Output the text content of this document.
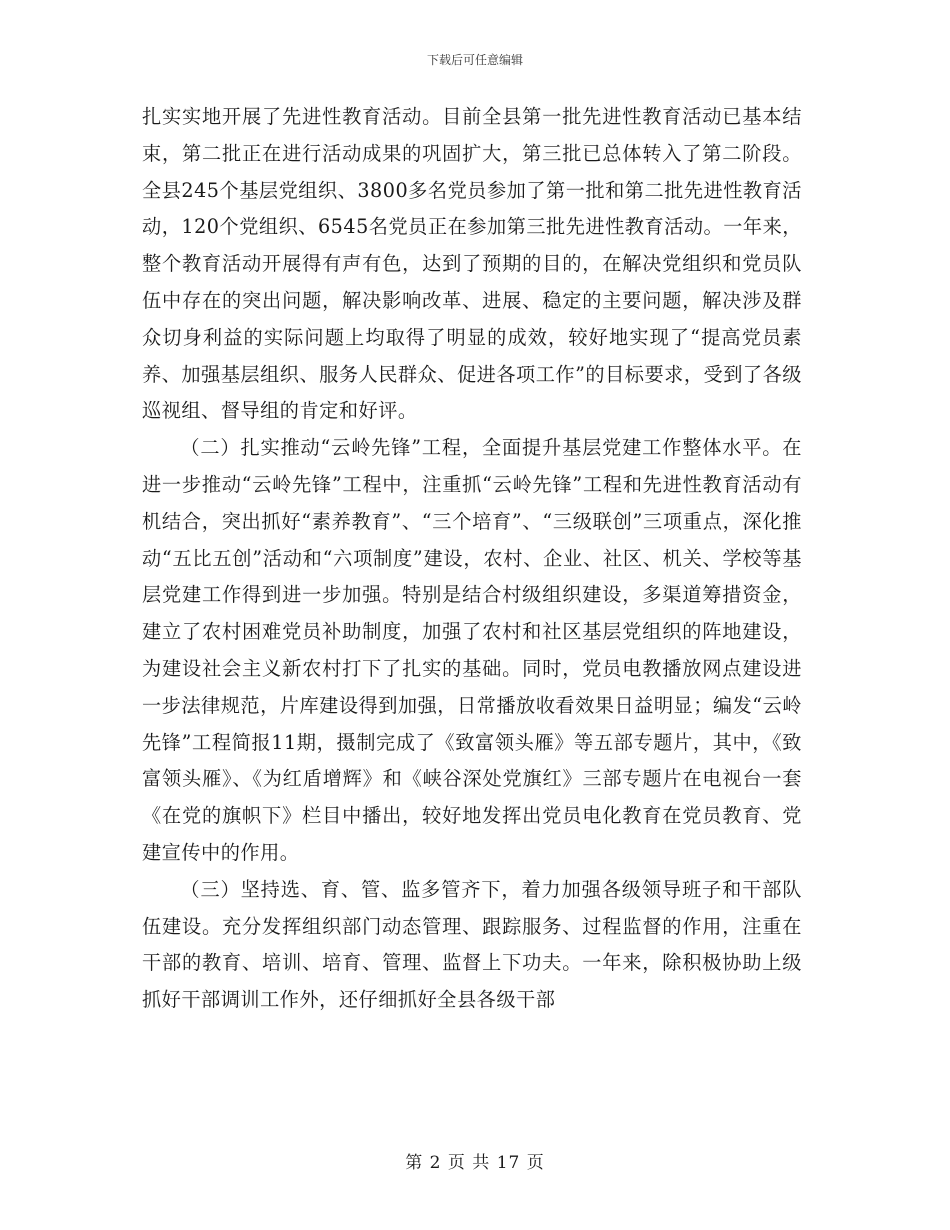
下载后可任意编辑

扎实实地开展了先进性教育活动。目前全县第一批先进性教育活动已基本结束，第二批正在进行活动成果的巩固扩大，第三批已总体转入了第二阶段。全县245个基层党组织、3800多名党员参加了第一批和第二批先进性教育活动，120个党组织、6545名党员正在参加第三批先进性教育活动。一年来，整个教育活动开展得有声有色，达到了预期的目的，在解决党组织和党员队伍中存在的突出问题，解决影响改革、进展、稳定的主要问题，解决涉及群众切身利益的实际问题上均取得了明显的成效，较好地实现了“提高党员素养、加强基层组织、服务人民群众、促进各项工作”的目标要求，受到了各级巡视组、督导组的肯定和好评。

（二）扎实推动“云岭先锋”工程，全面提升基层党建工作整体水平。在进一步推动“云岭先锋”工程中，注重抓“云岭先锋”工程和先进性教育活动有机结合，突出抓好“素养教育”、“三个培育”、“三级联创”三项重点，深化推动“五比五创”活动和“六项制度”建设，农村、企业、社区、机关、学校等基层党建工作得到进一步加强。特别是结合村级组织建设，多渠道筹措资金，建立了农村困难党员补助制度，加强了农村和社区基层党组织的阵地建设，为建设社会主义新农村打下了扎实的基础。同时，党员电教播放网点建设进一步法律规范，片库建设得到加强，日常播放收看效果日益明显；编发“云岭先锋”工程简报11期，摄制完成了《致富领头雁》等五部专题片，其中，《致富领头雁》、《为红盾增辉》和《峡谷深处党旗红》三部专题片在电视台一套《在党的旗帜下》栏目中播出，较好地发挥出党员电化教育在党员教育、党建宣传中的作用。

（三）坚持选、育、管、监多管齐下，着力加强各级领导班子和干部队伍建设。充分发挥组织部门动态管理、跟踪服务、过程监督的作用，注重在干部的教育、培训、培育、管理、监督上下功夫。一年来，除积极协助上级抓好干部调训工作外，还仔细抓好全县各级干部

第 2 页 共 17 页
